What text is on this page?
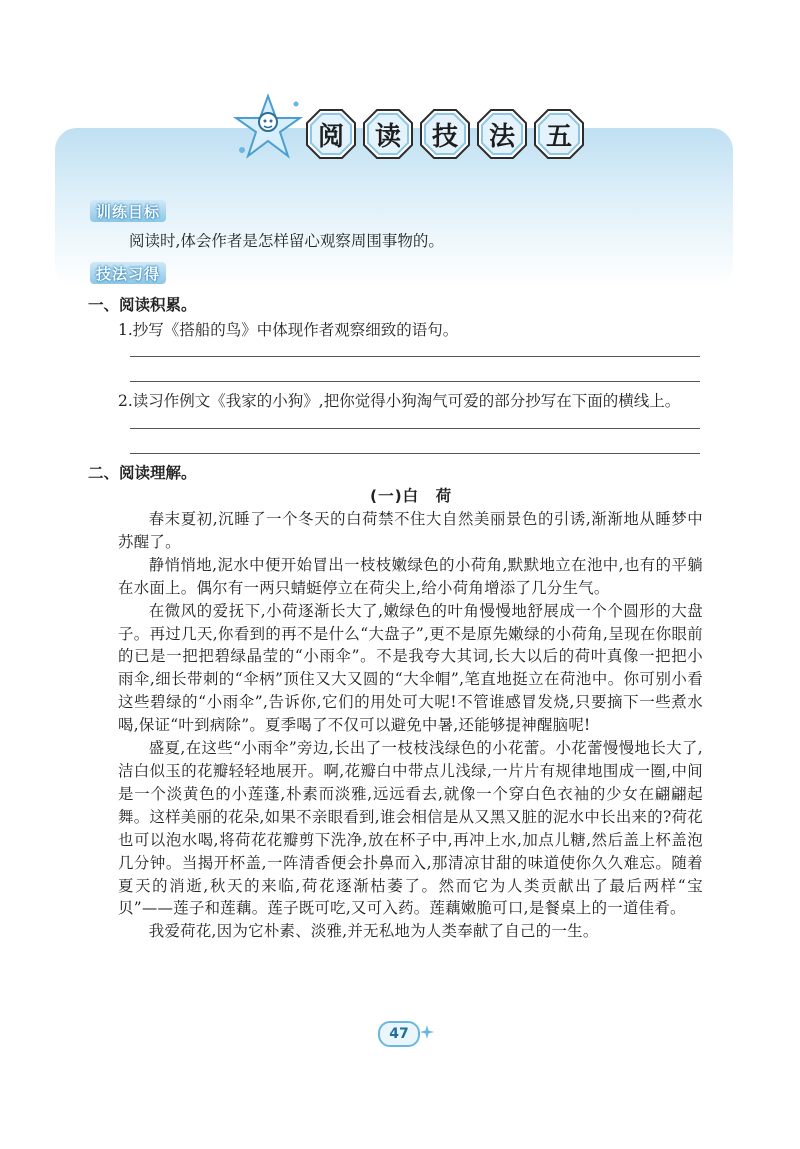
阅 读 技 法 五
训练目标
阅读时,体会作者是怎样留心观察周围事物的。
技法习得
一、阅读积累。
1.抄写《搭船的鸟》中体现作者观察细致的语句。
2.读习作例文《我家的小狗》,把你觉得小狗淘气可爱的部分抄写在下面的横线上。
二、阅读理解。
(一)白　荷

春末夏初,沉睡了一个冬天的白荷禁不住大自然美丽景色的引诱,渐渐地从睡梦中苏醒了。

静悄悄地,泥水中便开始冒出一枝枝嫩绿色的小荷角,默默地立在池中,也有的平躺在水面上。偶尔有一两只蜻蜓停立在荷尖上,给小荷角增添了几分生气。

在微风的爱抚下,小荷逐渐长大了,嫩绿色的叶角慢慢地舒展成一个个圆形的大盘子。再过几天,你看到的再不是什么“大盘子”,更不是原先嫩绿的小荷角,呈现在你眼前的已是一把把碧绿晶莹的“小雨伞”。不是我夸大其词,长大以后的荷叶真像一把把小雨伞,细长带刺的“伞柄”顶住又大又圆的“大伞帽”,笔直地挺立在荷池中。你可别小看这些碧绿的“小雨伞”,告诉你,它们的用处可大呢!不管谁感冒发烧,只要摘下一些煮水喝,保证“叶到病除”。夏季喝了不仅可以避免中暑,还能够提神醒脑呢!

盛夏,在这些“小雨伞”旁边,长出了一枝枝浅绿色的小花蕾。小花蕾慢慢地长大了,洁白似玉的花瓣轻轻地展开。啊,花瓣白中带点儿浅绿,一片片有规律地围成一圈,中间是一个淡黄色的小莲蓬,朴素而淡雅,远远看去,就像一个穿白色衣袖的少女在翩翩起舞。这样美丽的花朵,如果不亲眼看到,谁会相信是从又黑又脏的泥水中长出来的?荷花也可以泡水喝,将荷花花瓣剪下洗净,放在杯子中,再冲上水,加点儿糖,然后盖上杯盖泡几分钟。当揭开杯盖,一阵清香便会扑鼻而入,那清凉甘甜的味道使你久久难忘。随着夏天的消逝,秋天的来临,荷花逐渐枯萎了。然而它为人类贡献出了最后两样“宝贝”——莲子和莲藕。莲子既可吃,又可入药。莲藕嫩脆可口,是餐桌上的一道佳肴。

我爱荷花,因为它朴素、淡雅,并无私地为人类奉献了自己的一生。

47
